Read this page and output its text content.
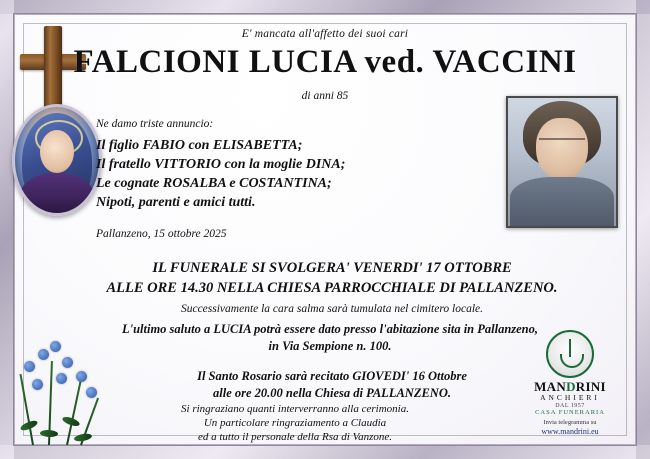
E' mancata all'affetto dei suoi cari
FALCIONI LUCIA ved. VACCINI
di anni 85
Ne damo triste annuncio:
Il figlio FABIO con ELISABETTA;
Il fratello VITTORIO con la moglie DINA;
Le cognate ROSALBA e COSTANTINA;
Nipoti, parenti e amici tutti.
Pallanzeno, 15 ottobre 2025
IL FUNERALE SI SVOLGERA' VENERDI' 17 OTTOBRE
ALLE ORE 14.30 NELLA CHIESA PARROCCHIALE DI PALLANZENO.
Successivamente la cara salma sarà tumulata nel cimitero locale.
L'ultimo saluto a LUCIA potrà essere dato presso l'abitazione sita in Pallanzeno,
in Via Sempione n. 100.
Il Santo Rosario sarà recitato GIOVEDI' 16 Ottobre
alle ore 20.00 nella Chiesa di PALLANZENO.
Si ringraziano quanti interverranno alla cerimonia.
Un particolare ringraziamento a Claudia
ed a tutto il personale della Rsa di Vanzone.
MANDRINI
ANCHIERI
DAL 1957
CASA FUNERARIA
Invia telegramma su
www.mandrini.eu
